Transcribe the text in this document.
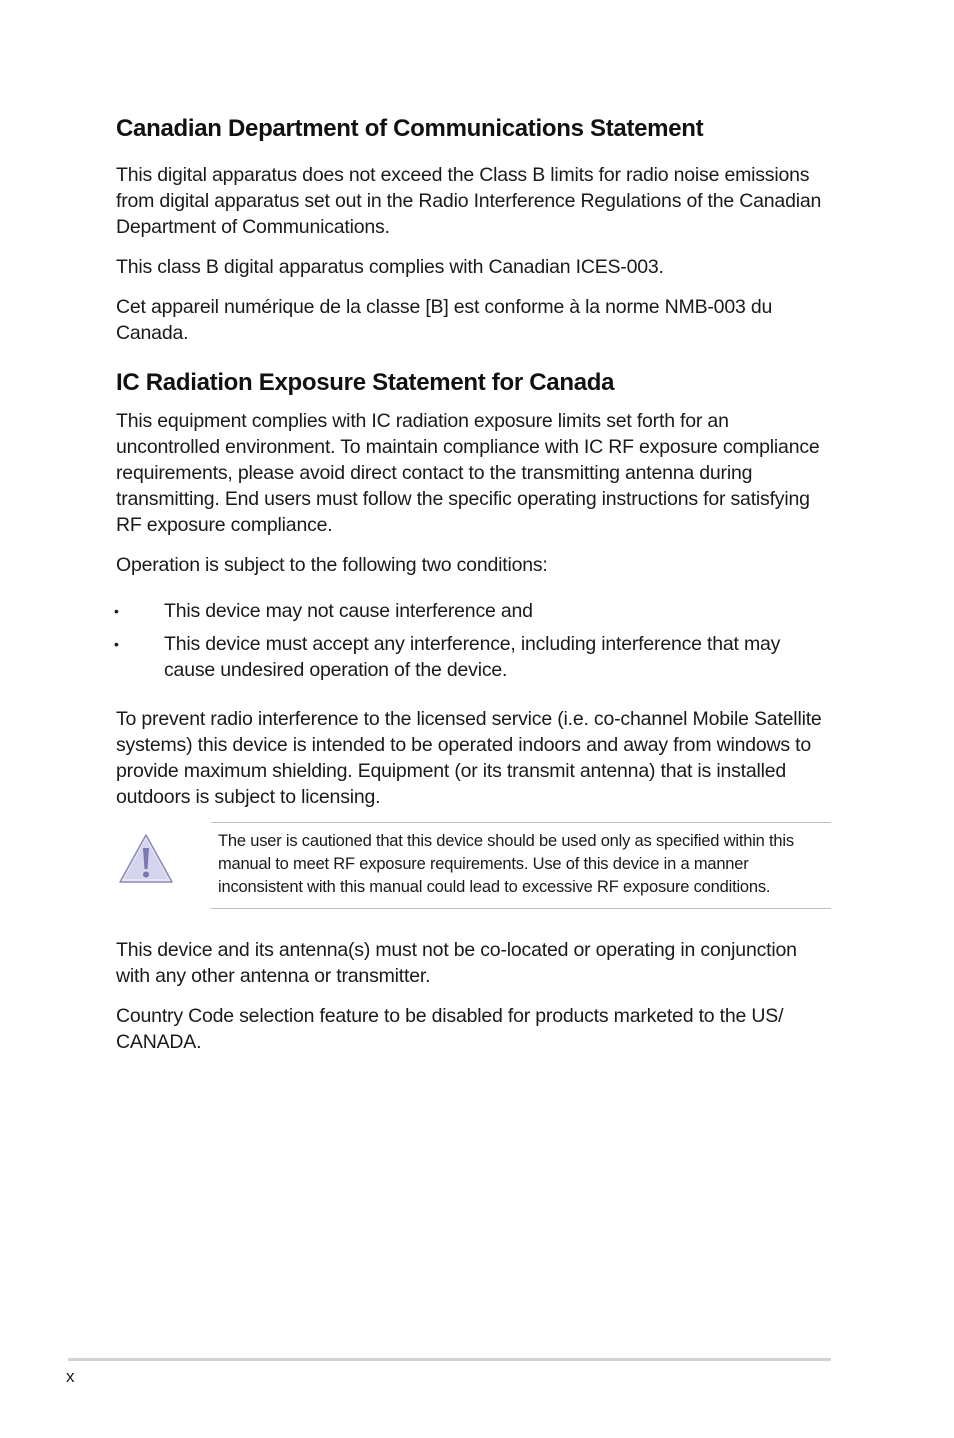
Canadian Department of Communications Statement

This digital apparatus does not exceed the Class B limits for radio noise emissions from digital apparatus set out in the Radio Interference Regulations of the Canadian Department of Communications.

This class B digital apparatus complies with Canadian ICES-003.

Cet appareil numérique de la classe [B] est conforme à la norme NMB-003 du Canada.

IC Radiation Exposure Statement for Canada

This equipment complies with IC radiation exposure limits set forth for an uncontrolled environment. To maintain compliance with IC RF exposure compliance requirements, please avoid direct contact to the transmitting antenna during transmitting. End users must follow the specific operating instructions for satisfying RF exposure compliance.

Operation is subject to the following two conditions:

• This device may not cause interference and
• This device must accept any interference, including interference that may cause undesired operation of the device.

To prevent radio interference to the licensed service (i.e. co-channel Mobile Satellite systems) this device is intended to be operated indoors and away from windows to provide maximum shielding. Equipment (or its transmit antenna) that is installed outdoors is subject to licensing.

The user is cautioned that this device should be used only as specified within this manual to meet RF exposure requirements. Use of this device in a manner inconsistent with this manual could lead to excessive RF exposure conditions.

This device and its antenna(s) must not be co-located or operating in conjunction with any other antenna or transmitter.

Country Code selection feature to be disabled for products marketed to the US/ CANADA.

x
